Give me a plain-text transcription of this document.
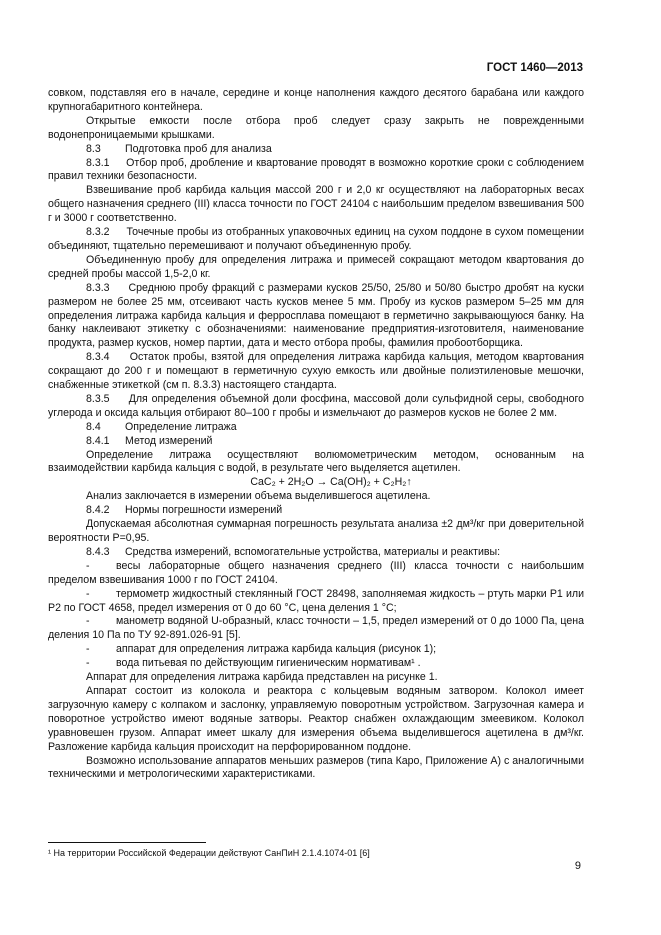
ГОСТ 1460—2013

совком, подставляя его в начале, середине и конце наполнения каждого десятого барабана или каждого крупногабаритного контейнера.

Открытые емкости после отбора проб следует сразу закрыть не поврежденными водонепроницаемыми крышками.

8.3 Подготовка проб для анализа

8.3.1 Отбор проб, дробление и квартование проводят в возможно короткие сроки с соблюдением правил техники безопасности.

Взвешивание проб карбида кальция массой 200 г и 2,0 кг осуществляют на лабораторных весах общего назначения среднего (III) класса точности по ГОСТ 24104 с наибольшим пределом взвешивания 500 г и 3000 г соответственно.

8.3.2 Точечные пробы из отобранных упаковочных единиц на сухом поддоне в сухом помещении объединяют, тщательно перемешивают и получают объединенную пробу.

Объединенную пробу для определения литража и примесей сокращают методом квартования до средней пробы массой 1,5-2,0 кг.

8.3.3 Среднюю пробу фракций с размерами кусков 25/50, 25/80 и 50/80 быстро дробят на куски размером не более 25 мм, отсеивают часть кусков менее 5 мм. Пробу из кусков размером 5–25 мм для определения литража карбида кальция и ферросплава помещают в герметично закрывающуюся банку. На банку наклеивают этикетку с обозначениями: наименование предприятия-изготовителя, наименование продукта, размер кусков, номер партии, дата и место отбора пробы, фамилия пробоотборщика.

8.3.4 Остаток пробы, взятой для определения литража карбида кальция, методом квартования сокращают до 200 г и помещают в герметичную сухую емкость или двойные полиэтиленовые мешочки, снабженные этикеткой (см п. 8.3.3) настоящего стандарта.

8.3.5 Для определения объемной доли фосфина, массовой доли сульфидной серы, свободного углерода и оксида кальция отбирают 80–100 г пробы и измельчают до размеров кусков не более 2 мм.

8.4 Определение литража

8.4.1 Метод измерений

Определение литража осуществляют волюмометрическим методом, основанным на взаимодействии карбида кальция с водой, в результате чего выделяется ацетилен.

CaC₂ + 2H₂O → Ca(OH)₂ + C₂H₂↑

Анализ заключается в измерении объема выделившегося ацетилена.

8.4.2 Нормы погрешности измерений

Допускаемая абсолютная суммарная погрешность результата анализа ±2 дм³/кг при доверительной вероятности Р=0,95.

8.4.3 Средства измерений, вспомогательные устройства, материалы и реактивы:

- весы лабораторные общего назначения среднего (III) класса точности с наибольшим пределом взвешивания 1000 г по ГОСТ 24104.

- термометр жидкостный стеклянный ГОСТ 28498, заполняемая жидкость – ртуть марки Р1 или Р2 по ГОСТ 4658, предел измерения от 0 до 60 °С, цена деления 1 °С;

- манометр водяной U-образный, класс точности – 1,5, предел измерений от 0 до 1000 Па, цена деления 10 Па по ТУ 92-891.026-91 [5].

- аппарат для определения литража карбида кальция (рисунок 1);

- вода питьевая по действующим гигиеническим нормативам¹ .

Аппарат для определения литража карбида представлен на рисунке 1.

Аппарат состоит из колокола и реактора с кольцевым водяным затвором. Колокол имеет загрузочную камеру с колпаком и заслонку, управляемую поворотным устройством. Загрузочная камера и поворотное устройство имеют водяные затворы. Реактор снабжен охлаждающим змеевиком. Колокол уравновешен грузом. Аппарат имеет шкалу для измерения объема выделившегося ацетилена в дм³/кг. Разложение карбида кальция происходит на перфорированном поддоне.

Возможно использование аппаратов меньших размеров (типа Каро, Приложение А) с аналогичными техническими и метрологическими характеристиками.

¹ На территории Российской Федерации действуют СанПиН 2.1.4.1074-01 [6]
9
